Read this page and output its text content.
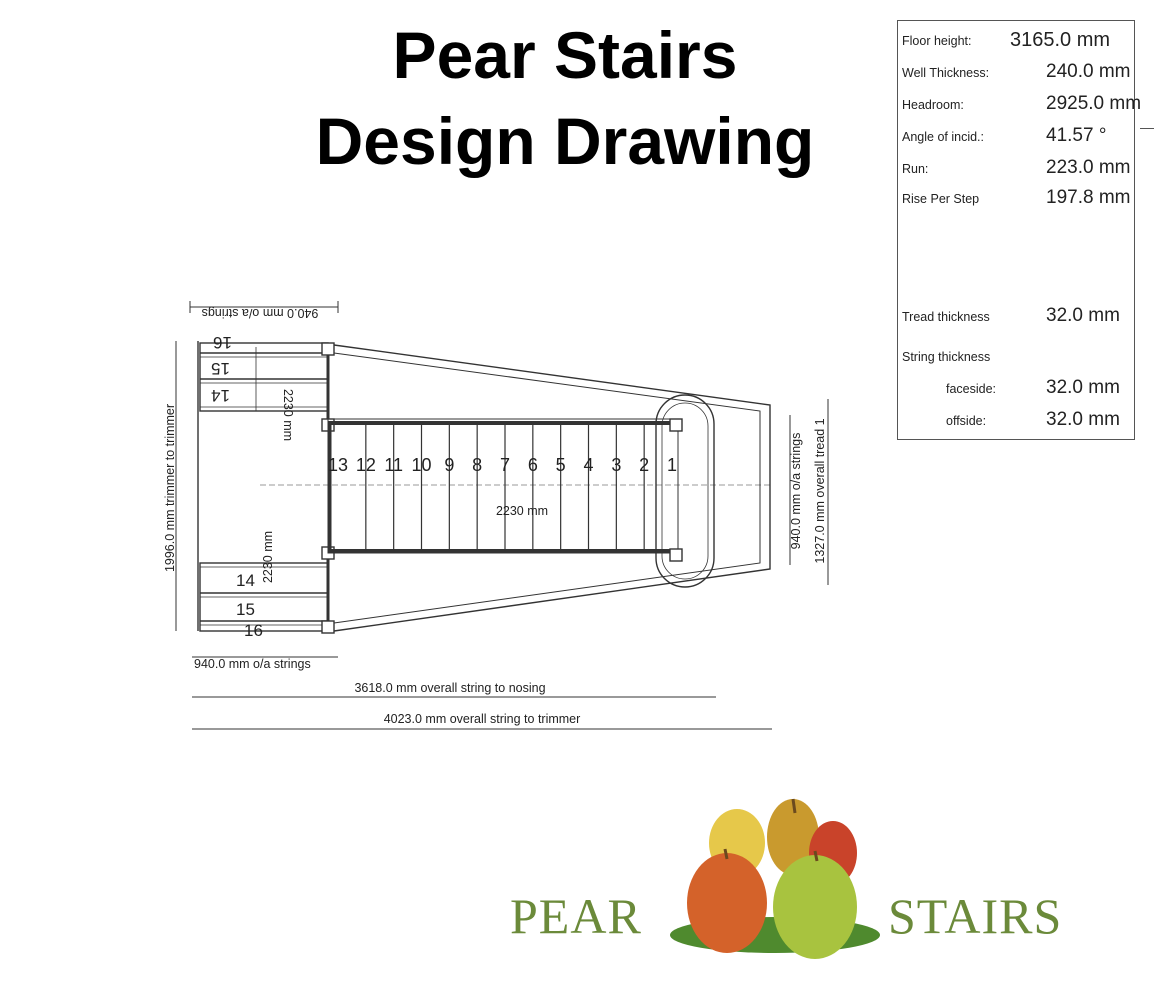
Pear Stairs
Design Drawing
Floor height: 3165.0 mm
Well Thickness:	240.0 mm
Headroom:	2925.0 mm
Angle of incid.:	41.57 °
Run:	223.0 mm
Rise Per Step	197.8 mm
Tread thickness	32.0 mm
String thickness
faceside:	32.0 mm
offside:	32.0 mm
13 12 11 10 9 8 7 6 5 4 3 2 1
16
15
14
14
15
16
940.0 mm o/a strings
940.0 mm o/a strings
3618.0 mm overall string to nosing
4023.0 mm overall string to trimmer
1996.0 mm trimmer to trimmer	940.0 mm o/a strings 1327.0 mm overall tread 1
2230 mm
2230 mm
2230 mm
PEAR	STAIRS
